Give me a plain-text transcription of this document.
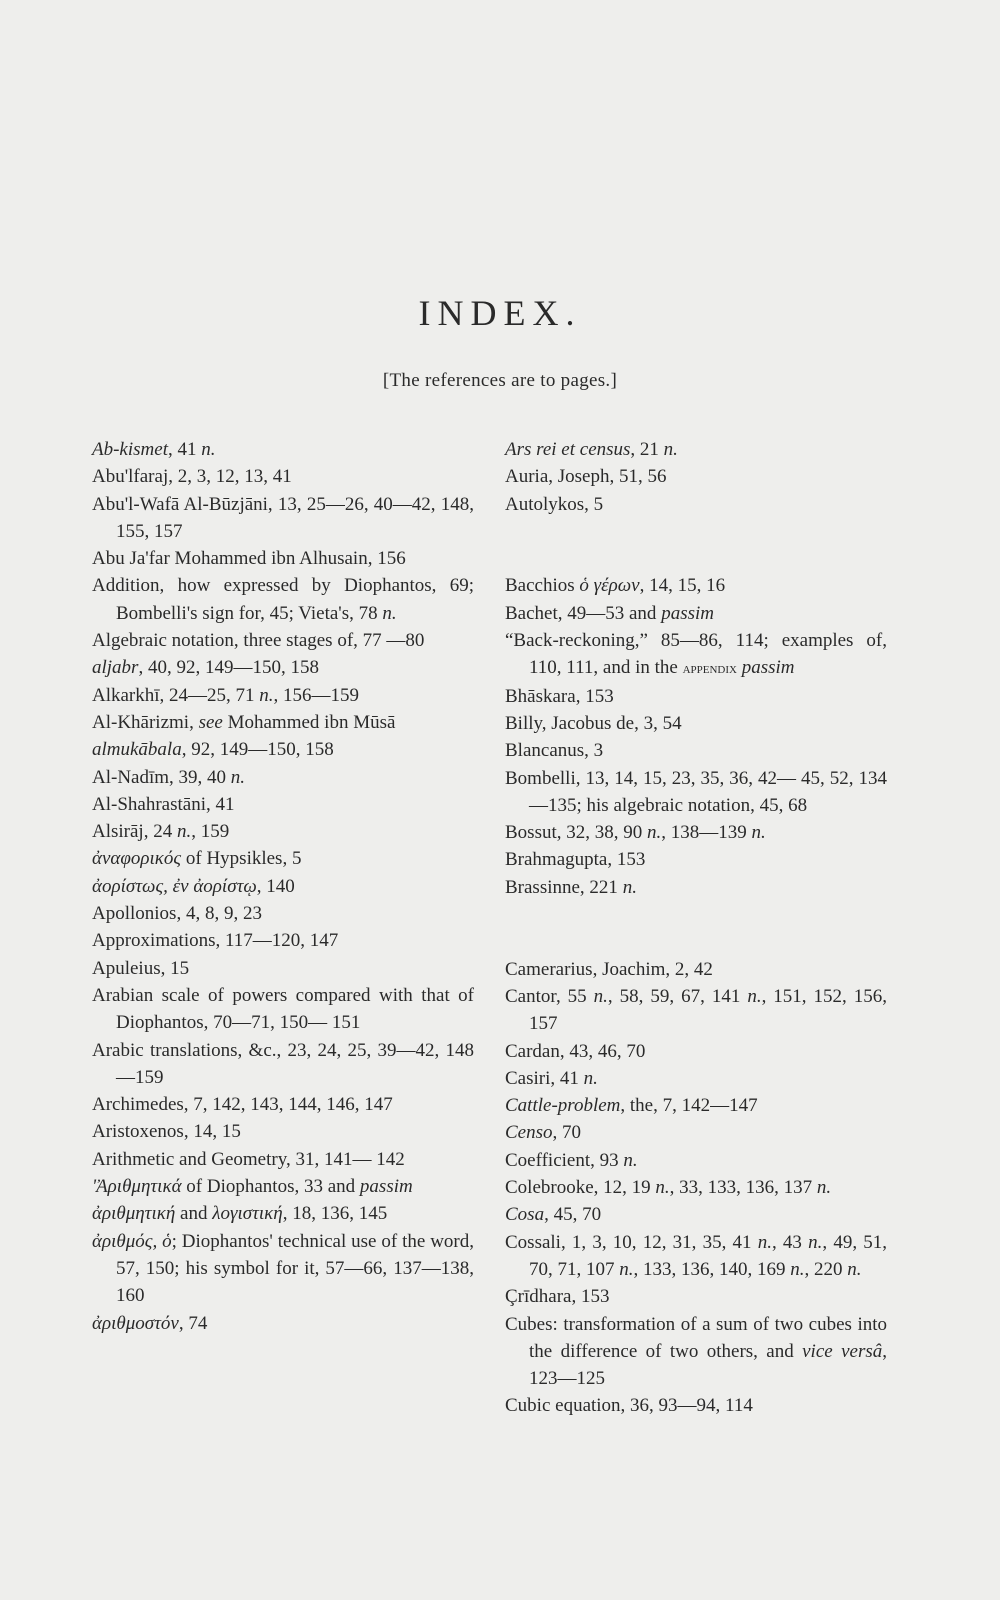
INDEX.
[The references are to pages.]
Ab-kismet, 41 n.
Abu'lfaraj, 2, 3, 12, 13, 41
Abu'l-Wafā Al-Būzjāni, 13, 25—26, 40—42, 148, 155, 157
Abu Ja'far Mohammed ibn Alhusain, 156
Addition, how expressed by Diophantos, 69; Bombelli's sign for, 45; Vieta's, 78 n.
Algebraic notation, three stages of, 77 —80
aljabr, 40, 92, 149—150, 158
Alkarkhī, 24—25, 71 n., 156—159
Al-Khārizmi, see Mohammed ibn Mūsā
almukābala, 92, 149—150, 158
Al-Nadīm, 39, 40 n.
Al-Shahrastāni, 41
Alsirāj, 24 n., 159
ἀναφορικός of Hypsikles, 5
ἀορίστως, ἐν ἀορίστῳ, 140
Apollonios, 4, 8, 9, 23
Approximations, 117—120, 147
Apuleius, 15
Arabian scale of powers compared with that of Diophantos, 70—71, 150— 151
Arabic translations, &c., 23, 24, 25, 39—42, 148—159
Archimedes, 7, 142, 143, 144, 146, 147
Aristoxenos, 14, 15
Arithmetic and Geometry, 31, 141— 142
'Ἀριθμητικά of Diophantos, 33 and passim
ἀριθμητική and λογιστική, 18, 136, 145
ἀριθμός, ὁ; Diophantos' technical use of the word, 57, 150; his symbol for it, 57—66, 137—138, 160
ἀριθμοστόν, 74
Ars rei et census, 21 n.
Auria, Joseph, 51, 56
Autolykos, 5
Bacchios ὁ γέρων, 14, 15, 16
Bachet, 49—53 and passim
“Back-reckoning,” 85—86, 114; examples of, 110, 111, and in the appendix passim
Bhāskara, 153
Billy, Jacobus de, 3, 54
Blancanus, 3
Bombelli, 13, 14, 15, 23, 35, 36, 42— 45, 52, 134—135; his algebraic notation, 45, 68
Bossut, 32, 38, 90 n., 138—139 n.
Brahmagupta, 153
Brassinne, 221 n.
Camerarius, Joachim, 2, 42
Cantor, 55 n., 58, 59, 67, 141 n., 151, 152, 156, 157
Cardan, 43, 46, 70
Casiri, 41 n.
Cattle-problem, the, 7, 142—147
Censo, 70
Coefficient, 93 n.
Colebrooke, 12, 19 n., 33, 133, 136, 137 n.
Cosa, 45, 70
Cossali, 1, 3, 10, 12, 31, 35, 41 n., 43 n., 49, 51, 70, 71, 107 n., 133, 136, 140, 169 n., 220 n.
Çrīdhara, 153
Cubes: transformation of a sum of two cubes into the difference of two others, and vice versâ, 123—125
Cubic equation, 36, 93—94, 114
